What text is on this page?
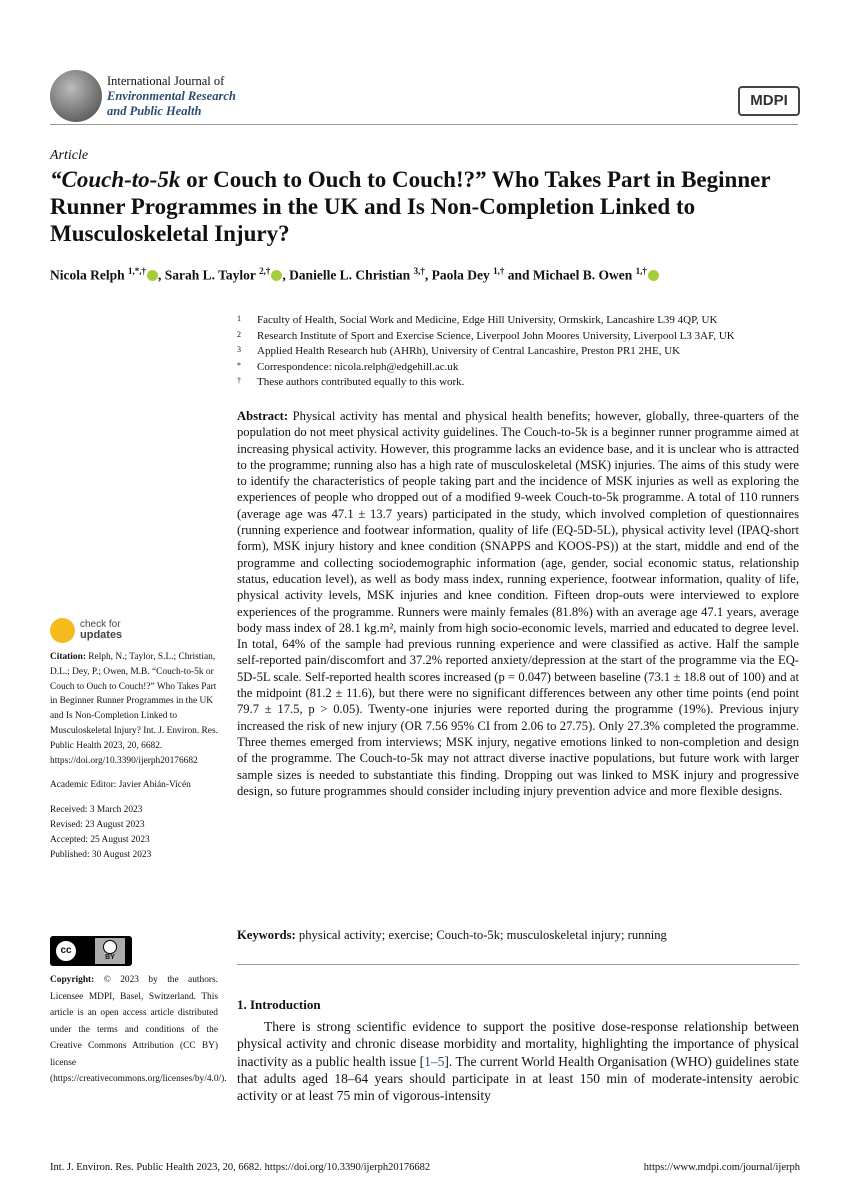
International Journal of
Environmental Research
and Public Health
MDPI
Article
“Couch-to-5k or Couch to Ouch to Couch!?” Who Takes Part in Beginner Runner Programmes in the UK and Is Non-Completion Linked to Musculoskeletal Injury?
Nicola Relph $^{1,*,\dagger}$ , Sarah L. Taylor $^{2,\dagger}$ , Danielle L. Christian $^{3,\dagger}$, Paola Dey $^{1,\dagger}$ and Michael B. Owen $^{1,\dagger}$
1 Faculty of Health, Social Work and Medicine, Edge Hill University, Ormskirk, Lancashire L39 4QP, UK
2 Research Institute of Sport and Exercise Science, Liverpool John Moores University, Liverpool L3 3AF, UK
3 Applied Health Research hub (AHRh), University of Central Lancashire, Preston PR1 2HE, UK
* Correspondence: nicola.relph@edgehill.ac.uk
† These authors contributed equally to this work.
Abstract: Physical activity has mental and physical health benefits; however, globally, three-quarters of the population do not meet physical activity guidelines. The Couch-to-5k is a beginner runner programme aimed at increasing physical activity. However, this programme lacks an evidence base, and it is unclear who is attracted to the programme; running also has a high rate of musculoskeletal (MSK) injuries. The aims of this study were to identify the characteristics of people taking part and the incidence of MSK injuries as well as exploring the experiences of people who dropped out of a modified 9-week Couch-to-5k programme. A total of 110 runners (average age was 47.1 ± 13.7 years) participated in the study, which involved completion of questionnaires (running experience and footwear information, quality of life (EQ-5D-5L), physical activity level (IPAQ-short form), MSK injury history and knee condition (SNAPPS and KOOS-PS)) at the start, middle and end of the programme and collecting sociodemographic information (age, gender, social economic status, relationship status, education level), as well as body mass index, running experience, footwear information, quality of life, physical activity levels, MSK injuries and knee condition. Fifteen drop-outs were interviewed to explore experiences of the programme. Runners were mainly females (81.8%) with an average age 47.1 years, average body mass index of 28.1 kg.m², mainly from high socio-economic levels, married and educated to degree level. In total, 64% of the sample had previous running experience and were classified as active. Half the sample self-reported pain/discomfort and 37.2% reported anxiety/depression at the start of the programme via the EQ-5D-5L scale. Self-reported health scores increased (p = 0.047) between baseline (73.1 ± 18.8 out of 100) and at the midpoint (81.2 ± 11.6), but there were no significant differences between any other time points (end point 79.7 ± 17.5, p > 0.05). Twenty-one injuries were reported during the programme (19%). Previous injury increased the risk of new injury (OR 7.56 95% CI from 2.06 to 27.75). Only 27.3% completed the programme. Three themes emerged from interviews; MSK injury, negative emotions linked to non-completion and design of the programme. The Couch-to-5k may not attract diverse inactive populations, but future work with larger sample sizes is needed to substantiate this finding. Dropping out was linked to MSK injury and progressive design, so future programmes should consider including injury prevention advice and more flexible designs.
Keywords: physical activity; exercise; Couch-to-5k; musculoskeletal injury; running
1. Introduction
  There is strong scientific evidence to support the positive dose-response relationship between physical activity and chronic disease morbidity and mortality, highlighting the importance of physical inactivity as a public health issue [1–5]. The current World Health Organisation (WHO) guidelines state that adults aged 18–64 years should participate in at least 150 min of moderate-intensity aerobic activity or at least 75 min of vigorous-intensity
check for
updates

Citation: Relph, N.; Taylor, S.L.; Christian, D.L.; Dey, P.; Owen, M.B. “Couch-to-5k or Couch to Ouch to Couch!?” Who Takes Part in Beginner Runner Programmes in the UK and Is Non-Completion Linked to Musculoskeletal Injury? Int. J. Environ. Res. Public Health 2023, 20, 6682. https://doi.org/10.3390/ijerph20176682

Academic Editor: Javier Abián-Vicén

Received: 3 March 2023
Revised: 23 August 2023
Accepted: 25 August 2023
Published: 30 August 2023
cc
BY
Copyright: © 2023 by the authors. Licensee MDPI, Basel, Switzerland. This article is an open access article distributed under the terms and conditions of the Creative Commons Attribution (CC BY) license (https://creativecommons.org/licenses/by/4.0/).
Int. J. Environ. Res. Public Health 2023, 20, 6682. https://doi.org/10.3390/ijerph20176682	https://www.mdpi.com/journal/ijerph
